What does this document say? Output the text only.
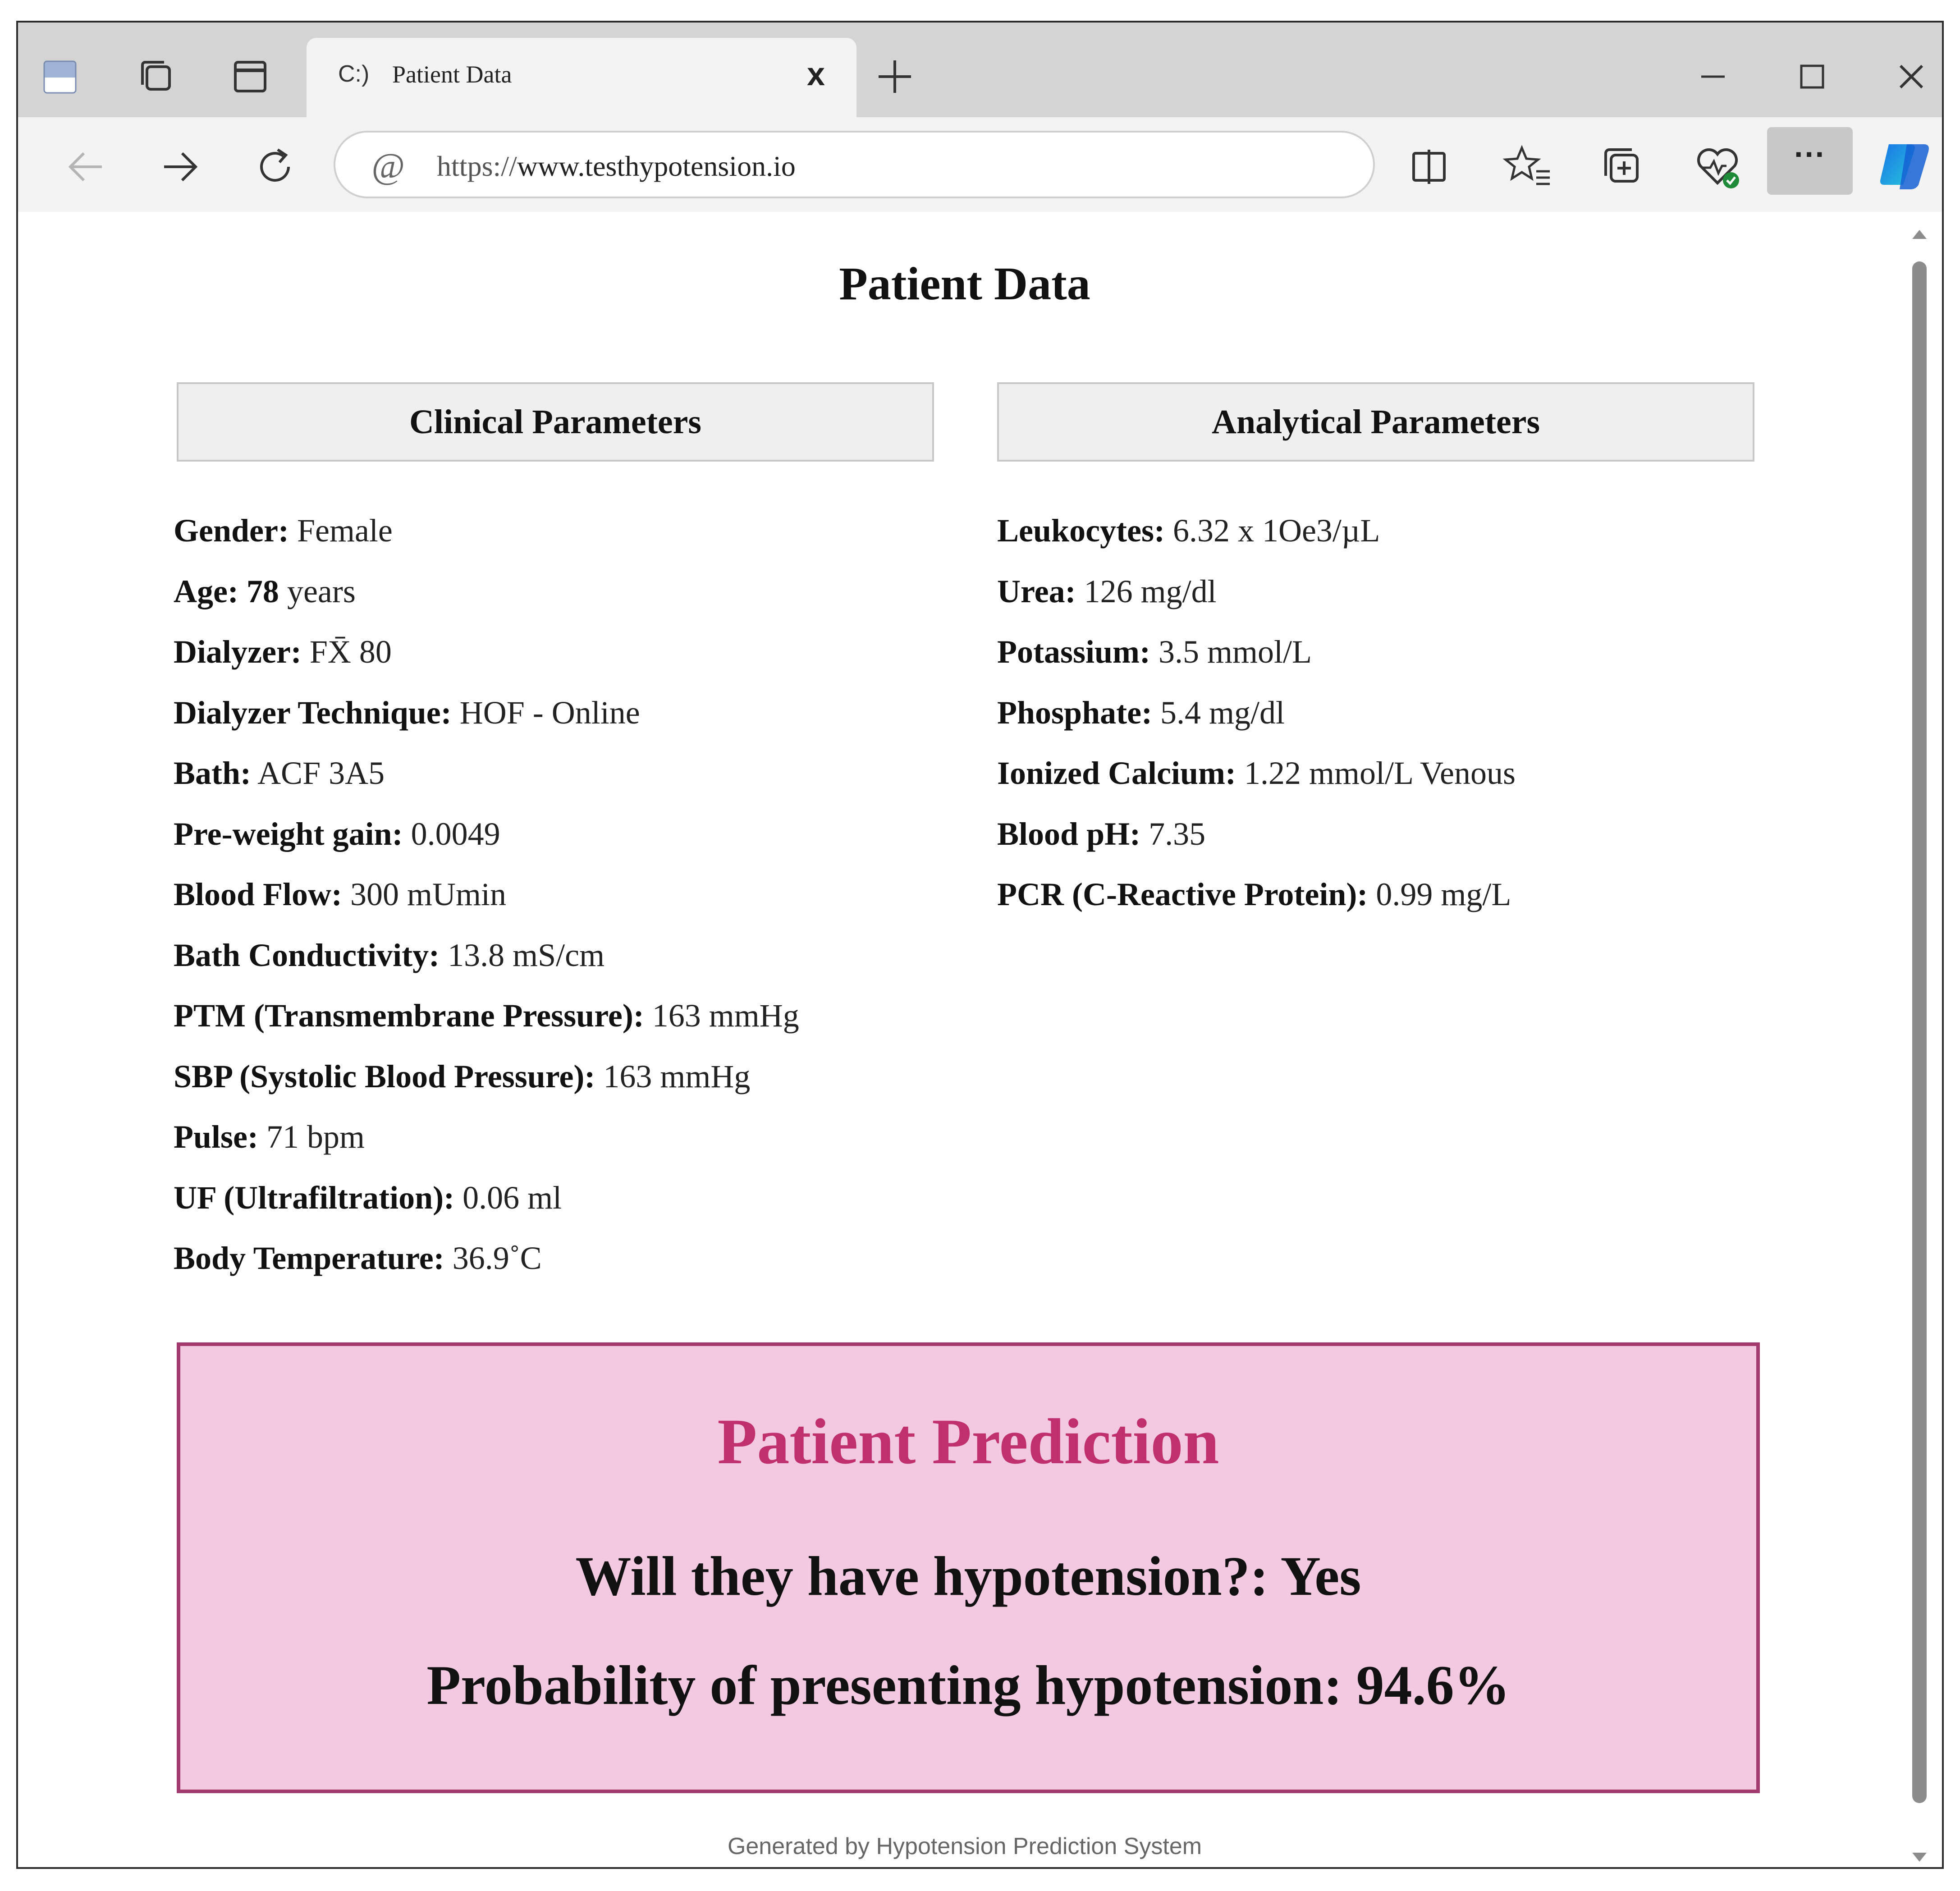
C:) Patient Data	x
@ https://www.testhypotension.io	···
Patient Data
Clinical Parameters
Gender: Female
Age: 78 years
Dialyzer: FX̄ 80
Dialyzer Technique: HOF - Online
Bath: ACF 3A5
Pre-weight gain: 0.0049
Blood Flow: 300 mUmin
Bath Conductivity: 13.8 mS/cm
PTM (Transmembrane Pressure): 163 mmHg
SBP (Systolic Blood Pressure): 163 mmHg
Pulse: 71 bpm
UF (Ultrafiltration): 0.06 ml
Body Temperature: 36.9˚C
Analytical Parameters
Leukocytes: 6.32 x 1Oe3/µL
Urea: 126 mg/dl
Potassium: 3.5 mmol/L
Phosphate: 5.4 mg/dl
Ionized Calcium: 1.22 mmol/L Venous
Blood pH: 7.35
PCR (C-Reactive Protein): 0.99 mg/L
Patient Prediction
Will they have hypotension?: Yes
Probability of presenting hypotension: 94.6%
Generated by Hypotension Prediction System
